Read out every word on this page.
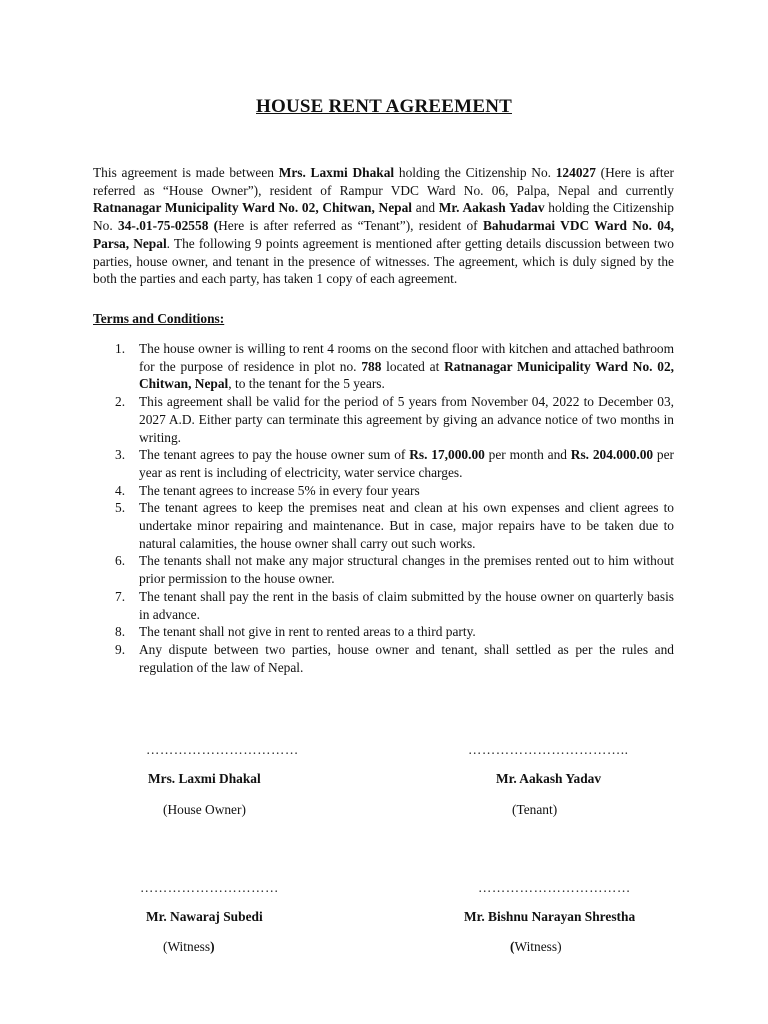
HOUSE RENT AGREEMENT

This agreement is made between Mrs. Laxmi Dhakal holding the Citizenship No. 124027 (Here is after referred as “House Owner”), resident of Rampur VDC Ward No. 06, Palpa, Nepal and currently Ratnanagar Municipality Ward No. 02, Chitwan, Nepal and Mr. Aakash Yadav holding the Citizenship No. 34-.01-75-02558 (Here is after referred as “Tenant”), resident of Bahudarmai VDC Ward No. 04, Parsa, Nepal. The following 9 points agreement is mentioned after getting details discussion between two parties, house owner, and tenant in the presence of witnesses. The agreement, which is duly signed by the both the parties and each party, has taken 1 copy of each agreement.

Terms and Conditions:
1. The house owner is willing to rent 4 rooms on the second floor with kitchen and attached bathroom for the purpose of residence in plot no. 788 located at Ratnanagar Municipality Ward No. 02, Chitwan, Nepal, to the tenant for the 5 years.
2. This agreement shall be valid for the period of 5 years from November 04, 2022 to December 03, 2027 A.D. Either party can terminate this agreement by giving an advance notice of two months in writing.
3. The tenant agrees to pay the house owner sum of Rs. 17,000.00 per month and Rs. 204.000.00 per year as rent is including of electricity, water service charges.
4. The tenant agrees to increase 5% in every four years
5. The tenant agrees to keep the premises neat and clean at his own expenses and client agrees to undertake minor repairing and maintenance. But in case, major repairs have to be taken due to natural calamities, the house owner shall carry out such works.
6. The tenants shall not make any major structural changes in the premises rented out to him without prior permission to the house owner.
7. The tenant shall pay the rent in the basis of claim submitted by the house owner on quarterly basis in advance.
8. The tenant shall not give in rent to rented areas to a third party.
9. Any dispute between two parties, house owner and tenant, shall settled as per the rules and regulation of the law of Nepal.
……………………………
Mrs. Laxmi Dhakal
(House Owner)
……………………………..
Mr. Aakash Yadav
(Tenant)
…………………………
Mr. Nawaraj Subedi
(Witness)
……………………………
Mr. Bishnu Narayan Shrestha
(Witness)
